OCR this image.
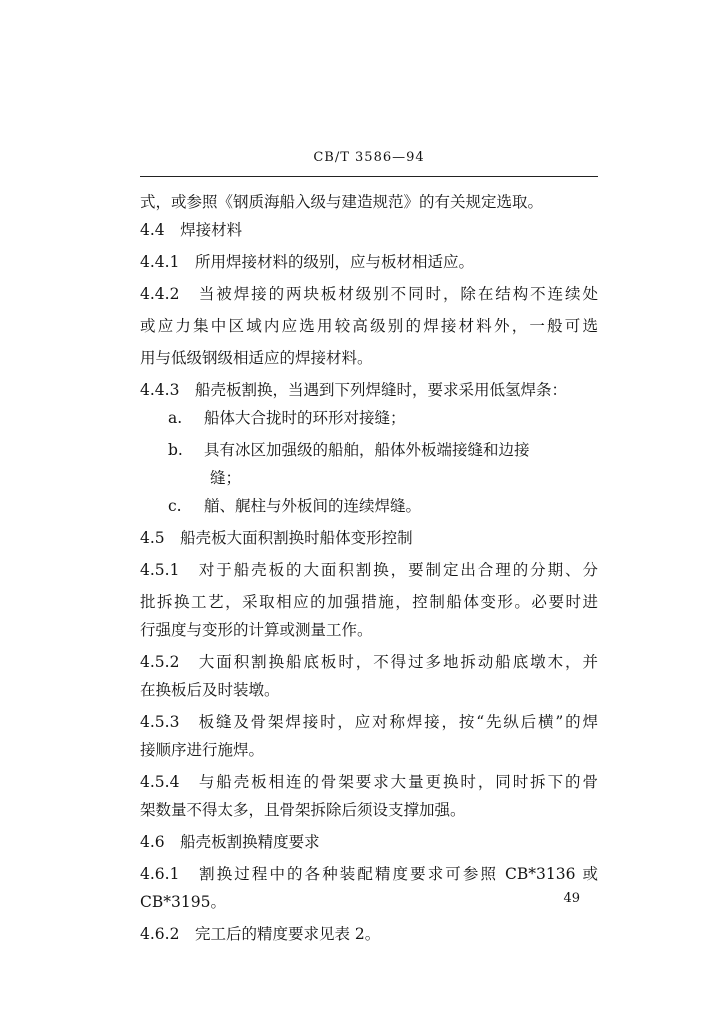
CB/T 3586—94
式，或参照《钢质海船入级与建造规范》的有关规定选取。
4.4　焊接材料
4.4.1　所用焊接材料的级别，应与板材相适应。
4.4.2　当被焊接的两块板材级别不同时，除在结构不连续处
或应力集中区域内应选用较高级别的焊接材料外，一般可选
用与低级钢级相适应的焊接材料。
4.4.3　船壳板割换，当遇到下列焊缝时，要求采用低氢焊条：
a. 船体大合拢时的环形对接缝；
b. 具有冰区加强级的船舶，船体外板端接缝和边接
缝；
c. 艏、艉柱与外板间的连续焊缝。
4.5　船壳板大面积割换时船体变形控制
4.5.1　对于船壳板的大面积割换，要制定出合理的分期、分
批拆换工艺，采取相应的加强措施，控制船体变形。必要时进
行强度与变形的计算或测量工作。
4.5.2　大面积割换船底板时，不得过多地拆动船底墩木，并
在换板后及时装墩。
4.5.3　板缝及骨架焊接时，应对称焊接，按“先纵后横”的焊
接顺序进行施焊。
4.5.4　与船壳板相连的骨架要求大量更换时，同时拆下的骨
架数量不得太多，且骨架拆除后须设支撑加强。
4.6　船壳板割换精度要求
4.6.1　割换过程中的各种装配精度要求可参照 CB*3136 或
CB*3195。
4.6.2　完工后的精度要求见表 2。
49
